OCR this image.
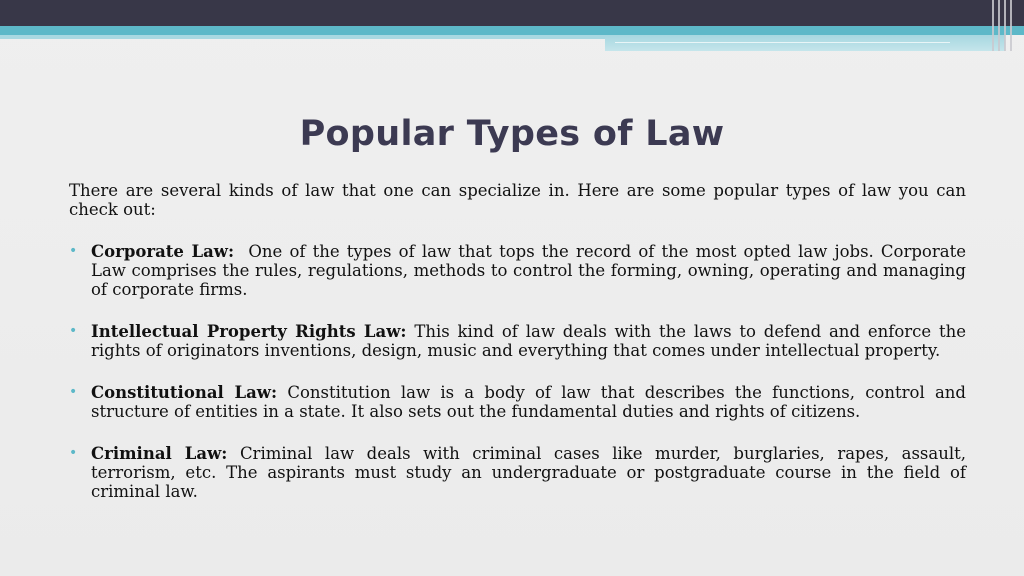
Popular Types of Law
There are several kinds of law that one can specialize in. Here are some popular types of law you can check out:
• Corporate Law: One of the types of law that tops the record of the most opted law jobs. Corporate Law comprises the rules, regulations, methods to control the forming, owning, operating and managing of corporate firms.
• Intellectual Property Rights Law: This kind of law deals with the laws to defend and enforce the rights of originators inventions, design, music and everything that comes under intellectual property.
• Constitutional Law: Constitution law is a body of law that describes the functions, control and structure of entities in a state. It also sets out the fundamental duties and rights of citizens.
• Criminal Law: Criminal law deals with criminal cases like murder, burglaries, rapes, assault, terrorism, etc. The aspirants must study an undergraduate or postgraduate course in the field of criminal law.
